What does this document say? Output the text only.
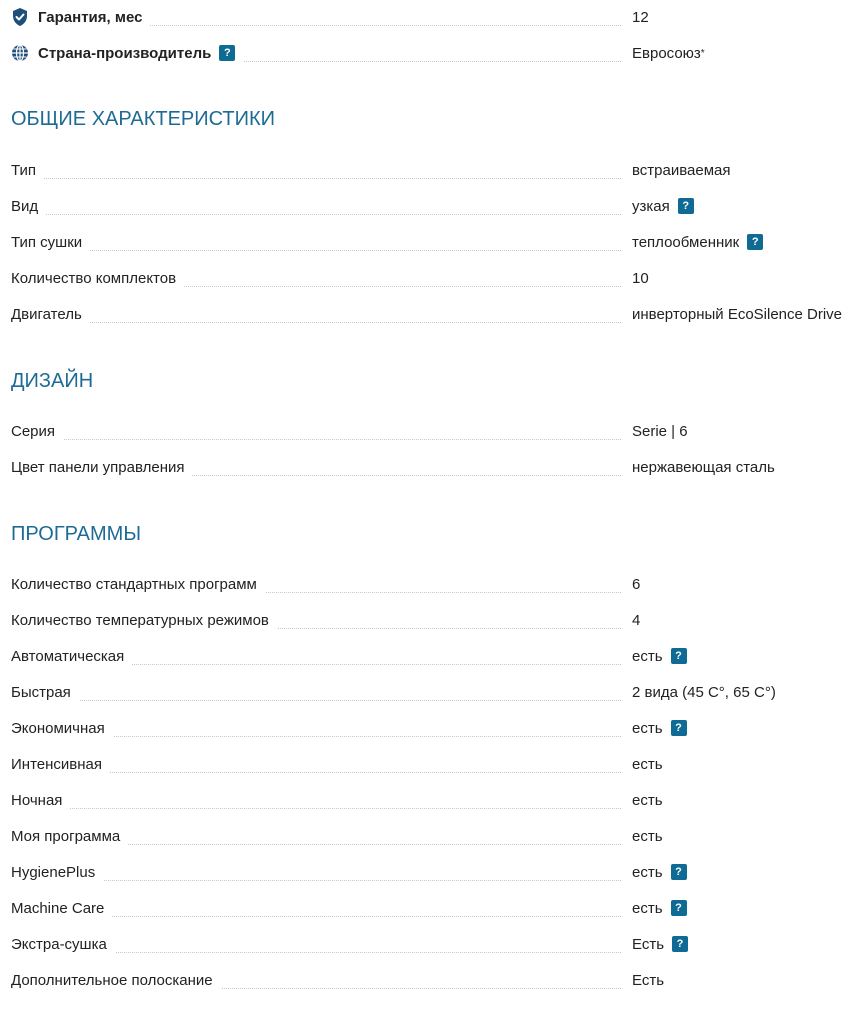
Гарантия, мес	12
Страна-производитель	?	Евросоюз *
ОБЩИЕ ХАРАКТЕРИСТИКИ
Тип	встраиваемая
Вид	узкая	?
Тип сушки	теплообменник	?
Количество комплектов	10
Двигатель	инверторный EcoSilence Drive
ДИЗАЙН
Серия	Serie | 6
Цвет панели управления	нержавеющая сталь
ПРОГРАММЫ
Количество стандартных программ	6
Количество температурных режимов	4
Автоматическая	есть	?
Быстрая	2 вида (45 C°, 65 C°)
Экономичная	есть	?
Интенсивная	есть
Ночная	есть
Моя программа	есть
HygienePlus	есть	?
Machine Care	есть	?
Экстра-сушка	Есть	?
Дополнительное полоскание	Есть
